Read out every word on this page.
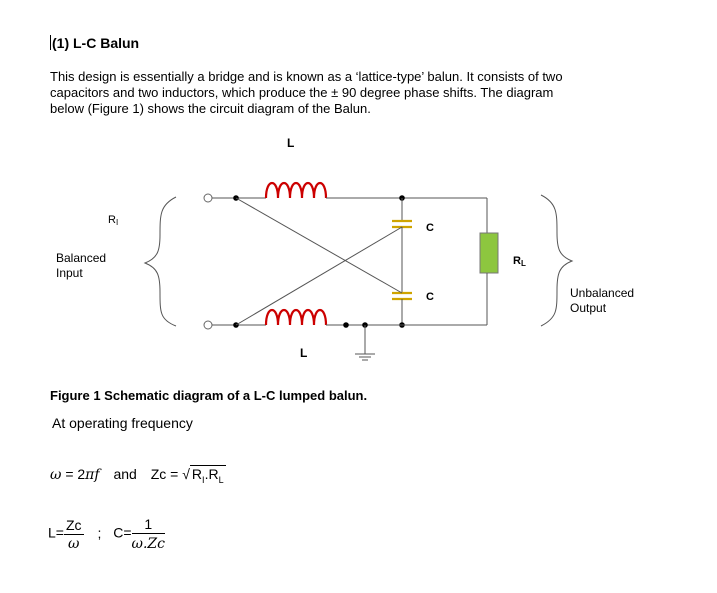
(1) L-C Balun
This design is essentially a bridge and is known as a ‘lattice-type’ balun. It consists of two
capacitors and two inductors, which produce the ± 90 degree phase shifts. The diagram
below (Figure 1) shows the circuit diagram of the Balun.
L
C
C
RL
L
RI
Balanced
Input
Unbalanced
Output
Figure 1 Schematic diagram of a L-C lumped balun.
At operating frequency
ω = 2πf and Zc = √ $R_I.R_L$
$L= \frac{Zc}{\omega}$ ; $C= \frac{1}{\omega.Zc}$
